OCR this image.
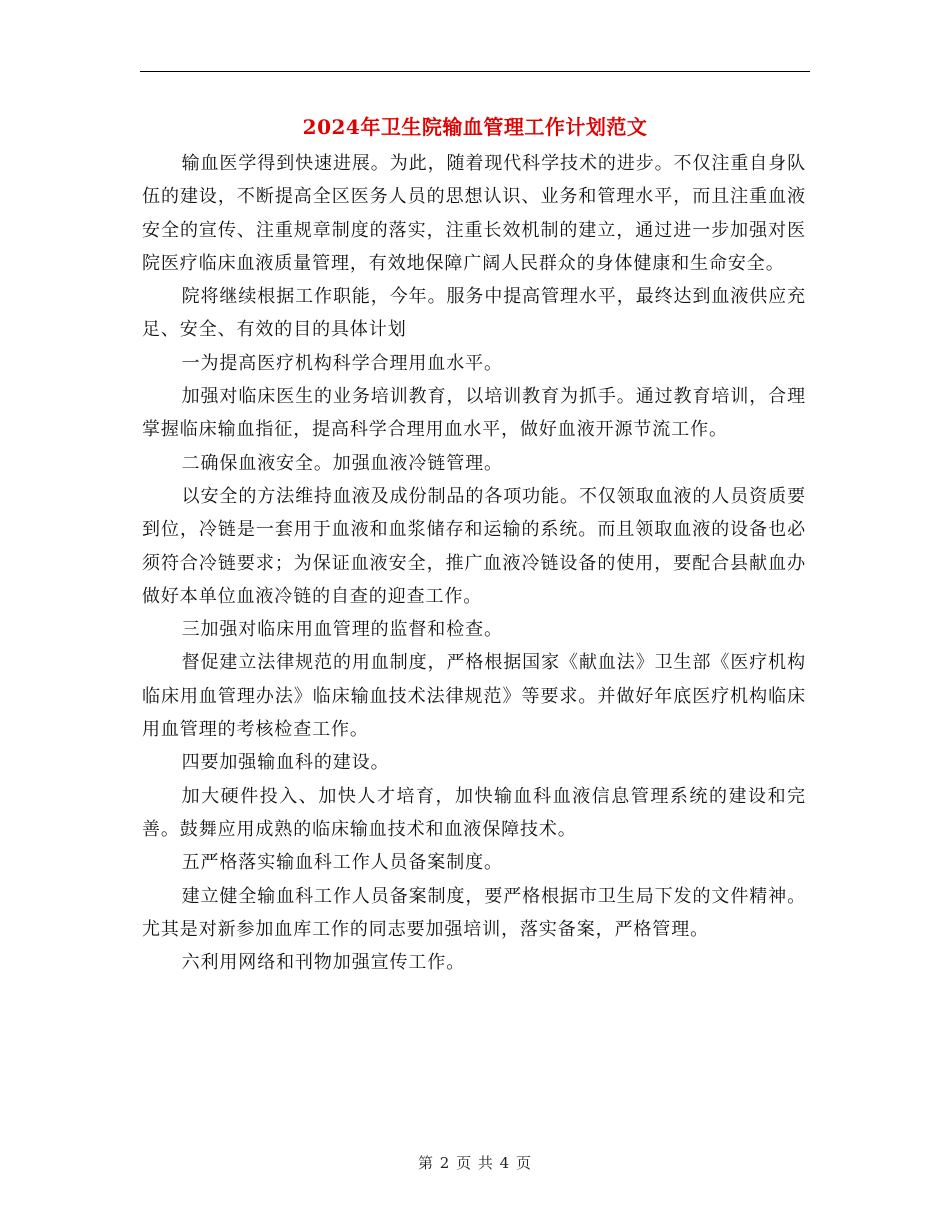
2024年卫生院输血管理工作计划范文

输血医学得到快速进展。为此，随着现代科学技术的进步。不仅注重自身队伍的建设，不断提高全区医务人员的思想认识、业务和管理水平，而且注重血液安全的宣传、注重规章制度的落实，注重长效机制的建立，通过进一步加强对医院医疗临床血液质量管理，有效地保障广阔人民群众的身体健康和生命安全。

院将继续根据工作职能，今年。服务中提高管理水平，最终达到血液供应充足、安全、有效的目的具体计划

一为提高医疗机构科学合理用血水平。

加强对临床医生的业务培训教育，以培训教育为抓手。通过教育培训，合理掌握临床输血指征，提高科学合理用血水平，做好血液开源节流工作。

二确保血液安全。加强血液冷链管理。

以安全的方法维持血液及成份制品的各项功能。不仅领取血液的人员资质要到位，冷链是一套用于血液和血浆储存和运输的系统。而且领取血液的设备也必须符合冷链要求；为保证血液安全，推广血液冷链设备的使用，要配合县献血办做好本单位血液冷链的自查的迎查工作。

三加强对临床用血管理的监督和检查。

督促建立法律规范的用血制度，严格根据国家《献血法》卫生部《医疗机构临床用血管理办法》临床输血技术法律规范》等要求。并做好年底医疗机构临床用血管理的考核检查工作。

四要加强输血科的建设。

加大硬件投入、加快人才培育，加快输血科血液信息管理系统的建设和完善。鼓舞应用成熟的临床输血技术和血液保障技术。

五严格落实输血科工作人员备案制度。

建立健全输血科工作人员备案制度，要严格根据市卫生局下发的文件精神。尤其是对新参加血库工作的同志要加强培训，落实备案，严格管理。

六利用网络和刊物加强宣传工作。

第 2 页 共 4 页
